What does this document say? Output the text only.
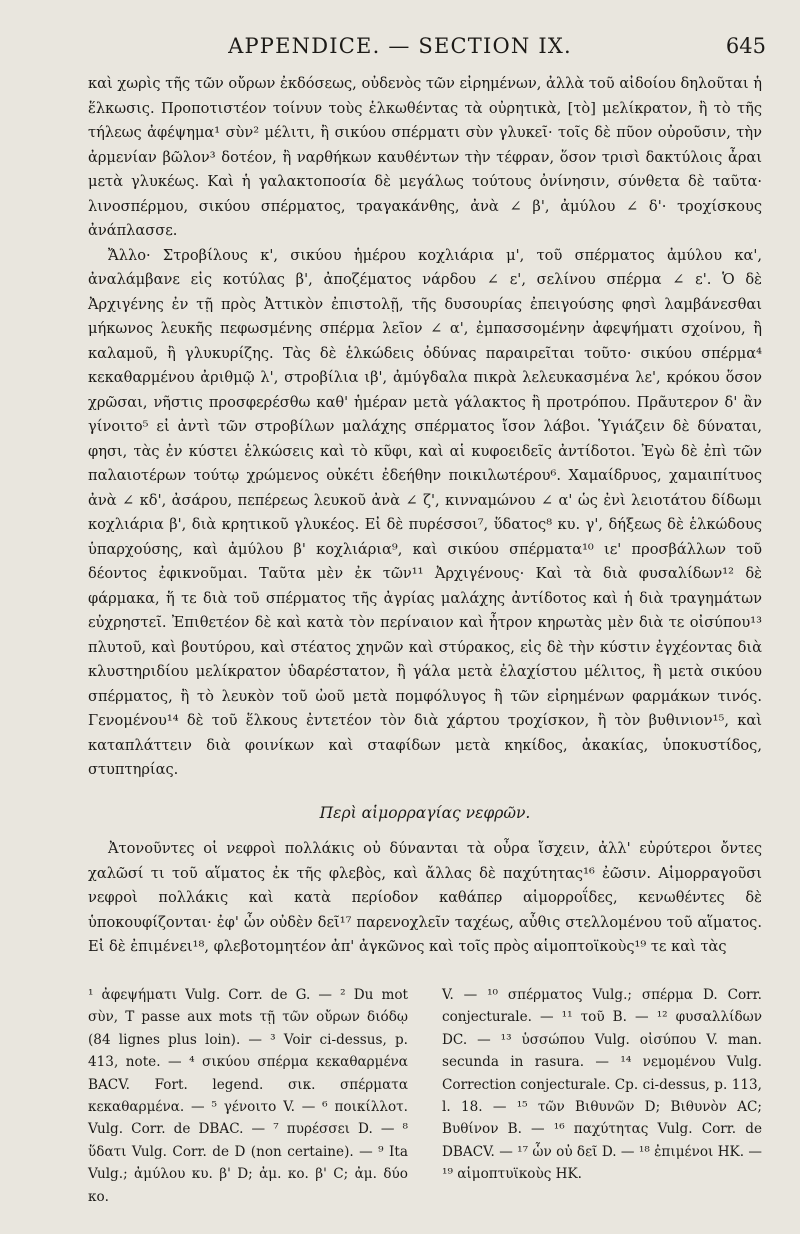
APPENDICE. — SECTION IX.	645

καὶ χωρὶς τῆς τῶν οὔρων ἐκδόσεως, οὐδενὸς τῶν εἰρημένων, ἀλλὰ τοῦ αἰδοίου δηλοῦται ἡ ἕλκωσις. Προποτιστέον τοίνυν τοὺς ἑλκωθέντας τὰ οὐρητικὰ, [τὸ] μελίκρατον, ἢ τὸ τῆς τήλεως ἀφέψημα¹ σὺν² μέλιτι, ἢ σικύου σπέρματι σὺν γλυκεῖ· τοῖς δὲ πῦον οὐροῦσιν, τὴν ἀρμενίαν βῶλον³ δοτέον, ἢ ναρθήκων καυθέντων τὴν τέφραν, ὅσον τρισὶ δακτύλοις ἆραι μετὰ γλυκέως. Καὶ ἡ γαλακτοποσία δὲ μεγάλως τούτους ὀνίνησιν, σύνθετα δὲ ταῦτα· λινοσπέρμου, σικύου σπέρματος, τραγακάνθης, ἀνὰ ∠ β', ἀμύλου ∠ δ'· τροχίσκους ἀνάπλασσε.

Ἄλλο· Στροβίλους κ', σικύου ἡμέρου κοχλιάρια μ', τοῦ σπέρματος ἀμύλου κα', ἀναλάμβανε εἰς κοτύλας β', ἀποζέματος νάρδου ∠ ε', σελίνου σπέρμα ∠ ε'. Ὁ δὲ Ἀρχιγένης ἐν τῇ πρὸς Ἀττικὸν ἐπιστολῇ, τῆς δυσουρίας ἐπειγούσης φησὶ λαμβάνεσθαι μήκωνος λευκῆς πεφωσμένης σπέρμα λεῖον ∠ α', ἐμπασσομένην ἀφεψήματι σχοίνου, ἢ καλαμοῦ, ἢ γλυκυρίζης. Τὰς δὲ ἑλκώδεις ὀδύνας παραιρεῖται τοῦτο· σικύου σπέρμα⁴ κεκαθαρμένου ἀριθμῷ λ', στροβίλια ιβ', ἀμύγδαλα πικρὰ λελευκασμένα λε', κρόκου ὅσον χρῶσαι, νῆστις προσφερέσθω καθ' ἡμέραν μετὰ γάλακτος ἢ προτρόπου. Πρᾶυτερον δ' ἂν γίνοιτο⁵ εἰ ἀντὶ τῶν στροβίλων μαλάχης σπέρματος ἴσον λάβοι. Ὑγιάζειν δὲ δύναται, φησι, τὰς ἐν κύστει ἑλκώσεις καὶ τὸ κῦφι, καὶ αἱ κυφοειδεῖς ἀντίδοτοι. Ἐγὼ δὲ ἐπὶ τῶν παλαιοτέρων τούτῳ χρώμενος οὐκέτι ἐδεήθην ποικιλωτέρου⁶. Χαμαίδρυος, χαμαιπίτυος ἀνὰ ∠ κδ', ἀσάρου, πεπέρεως λευκοῦ ἀνὰ ∠ ζ', κινναμώνου ∠ α' ὡς ἐνὶ λειοτάτου δίδωμι κοχλιάρια β', διὰ κρητικοῦ γλυκέος. Εἰ δὲ πυρέσσοι⁷, ὕδατος⁸ κυ. γ', δήξεως δὲ ἑλκώδους ὑπαρχούσης, καὶ ἀμύλου β' κοχλιάρια⁹, καὶ σικύου σπέρματα¹⁰ ιε' προσβάλλων τοῦ δέοντος ἐφικνοῦμαι. Ταῦτα μὲν ἐκ τῶν¹¹ Ἀρχιγένους· Καὶ τὰ διὰ φυσαλίδων¹² δὲ φάρμακα, ἥ τε διὰ τοῦ σπέρματος τῆς ἀγρίας μαλάχης ἀντίδοτος καὶ ἡ διὰ τραγημάτων εὐχρηστεῖ. Ἐπιθετέον δὲ καὶ κατὰ τὸν περίναιον καὶ ἦτρον κηρωτὰς μὲν διὰ τε οἰσύπου¹³ πλυτοῦ, καὶ βουτύρου, καὶ στέατος χηνῶν καὶ στύρακος, εἰς δὲ τὴν κύστιν ἐγχέοντας διὰ κλυστηριδίου μελίκρατον ὑδαρέστατον, ἢ γάλα μετὰ ἐλαχίστου μέλιτος, ἢ μετὰ σικύου σπέρματος, ἢ τὸ λευκὸν τοῦ ὠοῦ μετὰ πομφόλυγος ἢ τῶν εἰρημένων φαρμάκων τινός. Γενομένου¹⁴ δὲ τοῦ ἕλκους ἐντετέον τὸν διὰ χάρτου τροχίσκον, ἢ τὸν βυθινιον¹⁵, καὶ καταπλάττειν διὰ φοινίκων καὶ σταφίδων μετὰ κηκίδος, ἀκακίας, ὑποκυστίδος, στυπτηρίας.

Περὶ αἱμορραγίας νεφρῶν.

Ἀτονοῦντες οἱ νεφροὶ πολλάκις οὐ δύνανται τὰ οὖρα ἴσχειν, ἀλλ' εὐρύτεροι ὄντες χαλῶσί τι τοῦ αἵματος ἐκ τῆς φλεβὸς, καὶ ἄλλας δὲ παχύτητας¹⁶ ἐῶσιν. Αἱμορραγοῦσι νεφροὶ πολλάκις καὶ κατὰ περίοδον καθάπερ αἱμορροΐδες, κενωθέντες δὲ ὑποκουφίζονται· ἐφ' ὧν οὐδὲν δεῖ¹⁷ παρενοχλεῖν ταχέως, αὖθις στελλομένου τοῦ αἵματος. Εἰ δὲ ἐπιμένει¹⁸, φλεβοτομητέον ἀπ' ἀγκῶνος καὶ τοῖς πρὸς αἱμοπτοϊκοὺς¹⁹ τε καὶ τὰς

¹ ἀφεψήματι Vulg. Corr. de G. — ² Du mot σὺν, T passe aux mots τῇ τῶν οὔρων διόδῳ (84 lignes plus loin). — ³ Voir ci-dessus, p. 413, note. — ⁴ σικύου σπέρμα κεκαθαρμένα BACV. Fort. legend. σικ. σπέρματα κεκαθαρμένα. — ⁵ γένοιτο V. — ⁶ ποικίλλοτ. Vulg. Corr. de DBAC. — ⁷ πυρέσσει D. — ⁸ ὕδατι Vulg. Corr. de D (non certaine). — ⁹ Ita Vulg.; ἀμύλου κυ. β' D; ἀμ. κο. β' C; ἀμ. δύο κο.
V. — ¹⁰ σπέρματος Vulg.; σπέρμα D. Corr. conjecturale. — ¹¹ τοῦ B. — ¹² φυσαλλίδων DC. — ¹³ ὑσσώπου Vulg. οἰσύπου V. man. secunda in rasura. — ¹⁴ νεμομένου Vulg. Correction conjecturale. Cp. ci-dessus, p. 113, l. 18. — ¹⁵ τῶν Βιθυνῶν D; Βιθυνὸν AC; Βυθίνον B. — ¹⁶ παχύτητας Vulg. Corr. de DBACV. — ¹⁷ ὧν οὐ δεῖ D. — ¹⁸ ἐπιμένοι HK. — ¹⁹ αἱμοπτυϊκοὺς HK.
